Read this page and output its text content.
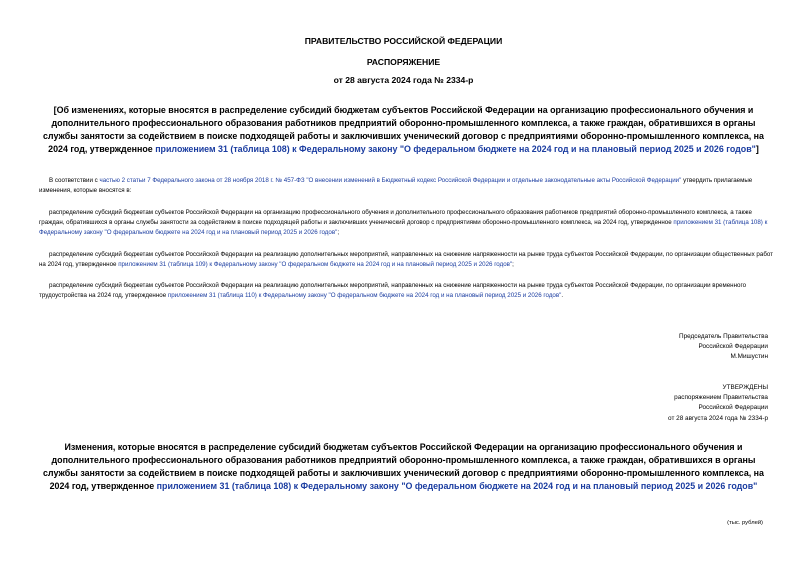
ПРАВИТЕЛЬСТВО РОССИЙСКОЙ ФЕДЕРАЦИИ
РАСПОРЯЖЕНИЕ
от 28 августа 2024 года № 2334-р
[Об изменениях, которые вносятся в распределение субсидий бюджетам субъектов Российской Федерации на организацию профессионального обучения и дополнительного профессионального образования работников предприятий оборонно-промышленного комплекса, а также граждан, обратившихся в органы службы занятости за содействием в поиске подходящей работы и заключивших ученический договор с предприятиями оборонно-промышленного комплекса, на 2024 год, утвержденное приложением 31 (таблица 108) к Федеральному закону "О федеральном бюджете на 2024 год и на плановый период 2025 и 2026 годов"]
В соответствии с частью 2 статьи 7 Федерального закона от 28 ноября 2018 г. № 457-ФЗ "О внесении изменений в Бюджетный кодекс Российской Федерации и отдельные законодательные акты Российской Федерации" утвердить прилагаемые изменения, которые вносятся в:
распределение субсидий бюджетам субъектов Российской Федерации на организацию профессионального обучения и дополнительного профессионального образования работников предприятий оборонно-промышленного комплекса, а также граждан, обратившихся в органы службы занятости за содействием в поиске подходящей работы и заключивших ученический договор с предприятиями оборонно-промышленного комплекса, на 2024 год, утвержденное приложением 31 (таблица 108) к Федеральному закону "О федеральном бюджете на 2024 год и на плановый период 2025 и 2026 годов";
распределение субсидий бюджетам субъектов Российской Федерации на реализацию дополнительных мероприятий, направленных на снижение напряженности на рынке труда субъектов Российской Федерации, по организации общественных работ на 2024 год, утвержденное приложением 31 (таблица 109) к Федеральному закону "О федеральном бюджете на 2024 год и на плановый период 2025 и 2026 годов";
распределение субсидий бюджетам субъектов Российской Федерации на реализацию дополнительных мероприятий, направленных на снижение напряженности на рынке труда субъектов Российской Федерации, по организации временного трудоустройства на 2024 год, утвержденное приложением 31 (таблица 110) к Федеральному закону "О федеральном бюджете на 2024 год и на плановый период 2025 и 2026 годов".
Председатель Правительства
Российской Федерации
М.Мишустин
УТВЕРЖДЕНЫ
распоряжением Правительства
Российской Федерации
от 28 августа 2024 года № 2334-р
Изменения, которые вносятся в распределение субсидий бюджетам субъектов Российской Федерации на организацию профессионального обучения и дополнительного профессионального образования работников предприятий оборонно-промышленного комплекса, а также граждан, обратившихся в органы службы занятости за содействием в поиске подходящей работы и заключивших ученический договор с предприятиями оборонно-промышленного комплекса, на 2024 год, утвержденное приложением 31 (таблица 108) к Федеральному закону "О федеральном бюджете на 2024 год и на плановый период 2025 и 2026 годов"
(тыс. рублей)
